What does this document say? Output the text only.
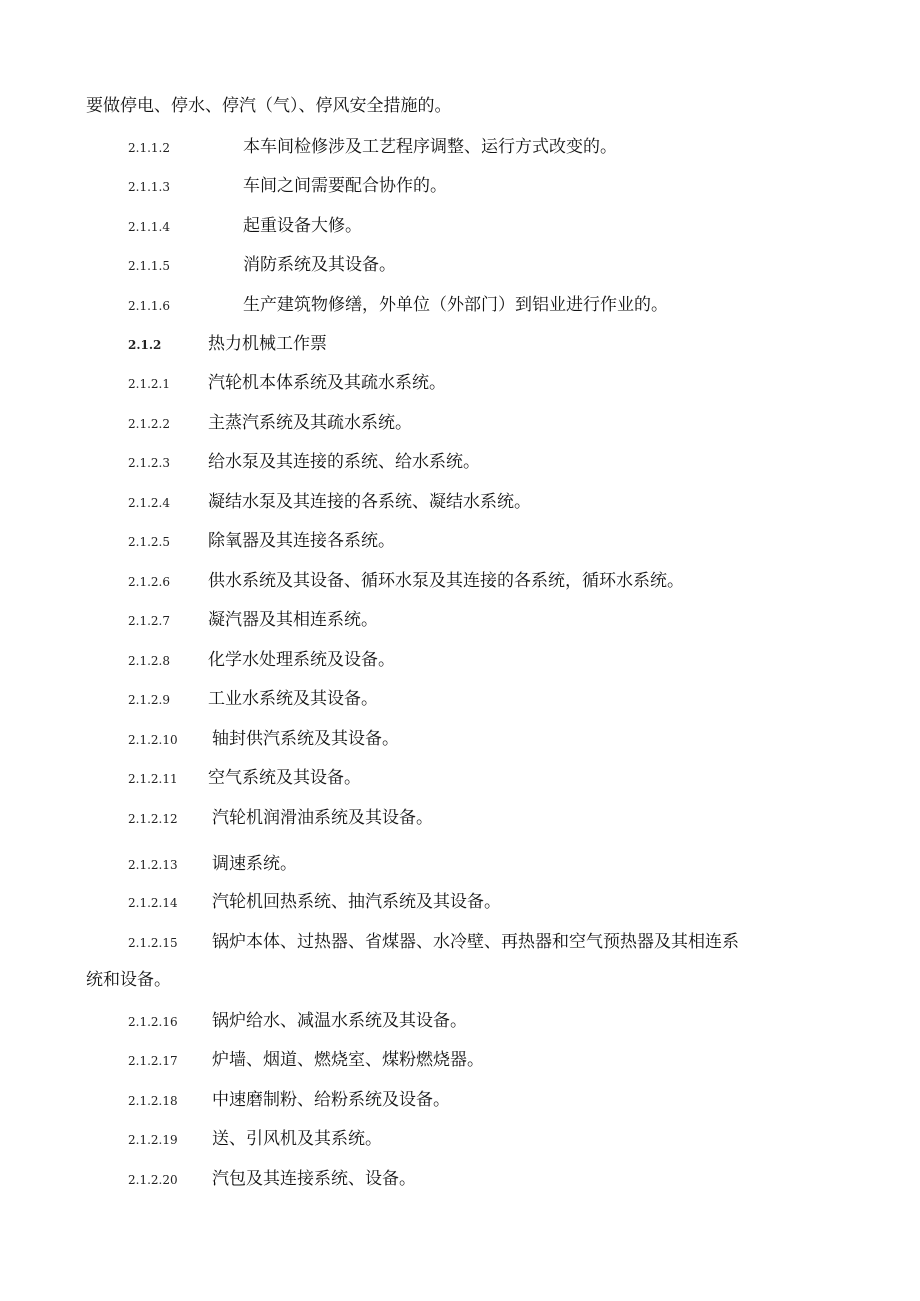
要做停电、停水、停汽（气）、停风安全措施的。
2.1.1.2	本车间检修涉及工艺程序调整、运行方式改变的。
2.1.1.3	车间之间需要配合协作的。
2.1.1.4	起重设备大修。
2.1.1.5	消防系统及其设备。
2.1.1.6	生产建筑物修缮，外单位（外部门）到铝业进行作业的。
2.1.2	热力机械工作票
2.1.2.1 汽轮机本体系统及其疏水系统。
2.1.2.2 主蒸汽系统及其疏水系统。
2.1.2.3 给水泵及其连接的系统、给水系统。
2.1.2.4 凝结水泵及其连接的各系统、凝结水系统。
2.1.2.5 除氧器及其连接各系统。
2.1.2.6 供水系统及其设备、循环水泵及其连接的各系统，循环水系统。
2.1.2.7 凝汽器及其相连系统。
2.1.2.8 化学水处理系统及设备。
2.1.2.9 工业水系统及其设备。
2.1.2.10 轴封供汽系统及其设备。
2.1.2.11 空气系统及其设备。
2.1.2.12 汽轮机润滑油系统及其设备。
2.1.2.13 调速系统。
2.1.2.14 汽轮机回热系统、抽汽系统及其设备。
2.1.2.15 锅炉本体、过热器、省煤器、水冷壁、再热器和空气预热器及其相连系
统和设备。
2.1.2.16 锅炉给水、减温水系统及其设备。
2.1.2.17 炉墙、烟道、燃烧室、煤粉燃烧器。
2.1.2.18 中速磨制粉、给粉系统及设备。
2.1.2.19 送、引风机及其系统。
2.1.2.20 汽包及其连接系统、设备。
